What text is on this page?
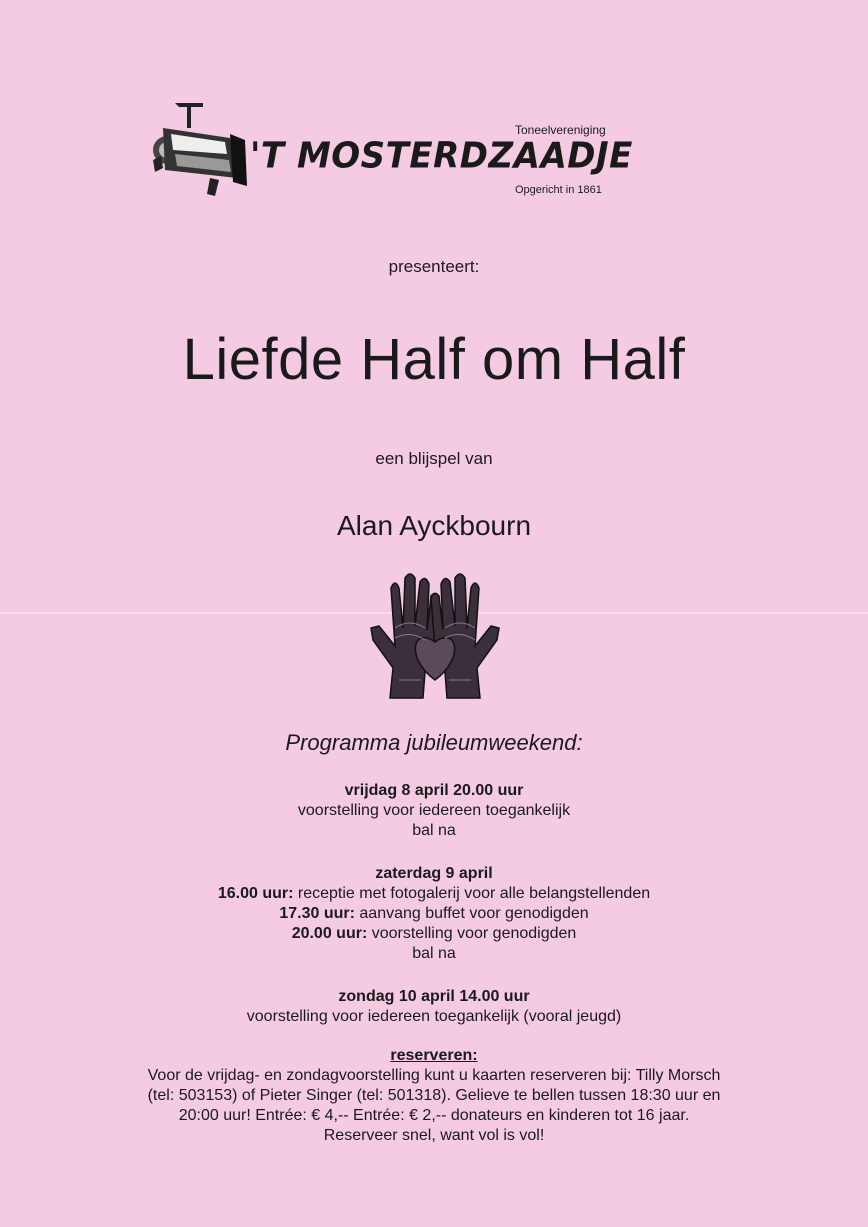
Toneelvereniging
'T MOSTERDZAADJE
Opgericht in 1861
presenteert:
Liefde Half om Half
een blijspel van
Alan Ayckbourn
Programma jubileumweekend:
vrijdag 8 april 20.00 uur
voorstelling voor iedereen toegankelijk
bal na
zaterdag 9 april
16.00 uur: receptie met fotogalerij voor alle belangstellenden
17.30 uur: aanvang buffet voor genodigden
20.00 uur: voorstelling voor genodigden
bal na
zondag 10 april 14.00 uur
voorstelling voor iedereen toegankelijk (vooral jeugd)
reserveren:
Voor de vrijdag- en zondagvoorstelling kunt u kaarten reserveren bij: Tilly Morsch
(tel: 503153) of Pieter Singer (tel: 501318). Gelieve te bellen tussen 18:30 uur en
20:00 uur! Entrée: € 4,-- Entrée: € 2,-- donateurs en kinderen tot 16 jaar.
Reserveer snel, want vol is vol!
